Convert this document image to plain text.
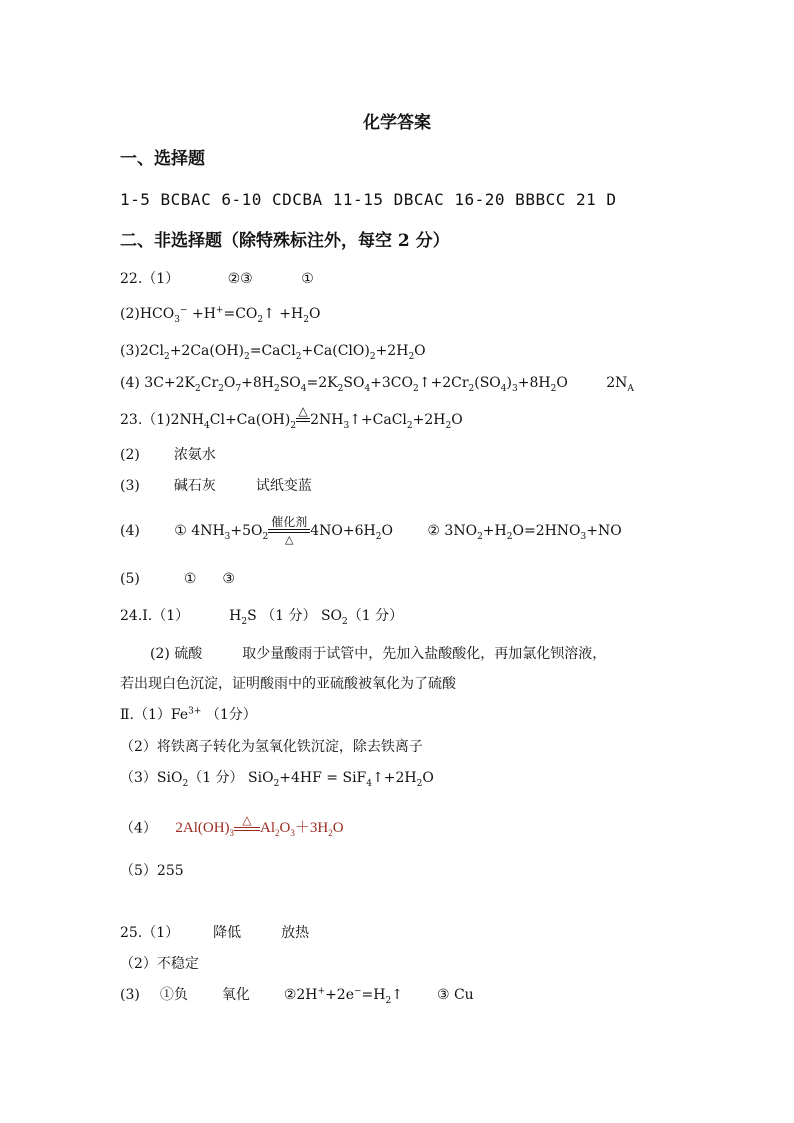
化学答案
一、选择题
1-5 BCBAC 6-10 CDCBA 11-15 DBCAC 16-20 BBBCC 21 D
二、非选择题（除特殊标注外，每空 2 分）
22.（1）	②③	①
$(2)HCO_3^-$ $+H^+=CO_2↑ +H_2O$
$(3)2Cl_2+2Ca(OH)_2=CaCl_2+Ca(ClO)_2+2H_2O$
(4) $3C+2K_2Cr_2O_7+8H_2SO_4=2K_2SO_4+3CO_2↑+2Cr_2(SO_4)_3+8H_2O$ $2N_A$
$23.(1)2NH_4Cl+Ca(OH)_2$
△

$2NH_3↑+CaCl_2+2H_2O$
(2) 浓氨水
(3) 碱石灰	试纸变蓝
(4) ① $4NH_3+5O_2$
催化剂
△
$4NO+6H_2O$ ② $3NO_2+H_2O=2HNO_3+NO$
(5)	① ③
24.Ⅰ.（1）	$H_2S$ （1 分） $SO_2(1$ 分）
(2) 硫酸	取少量酸雨于试管中，先加入盐酸酸化，再加氯化钡溶液，
若出现白色沉淀，证明酸雨中的亚硫酸被氧化为了硫酸
$Ⅱ.(1)Fe^{3+}$ （1分）
（2）将铁离子转化为氢氧化铁沉淀，除去铁离子
（3）SiO$_2$（1 分） $SiO_2+4HF = SiF_4↑+2H_2O$
（4） $2Al(OH)_3$
△

$Al_2O_3+3H_2O$
（5）255
25.（1） 降低	放热
（2）不稳定
(3) ①负 氧化 $②2H^++2e^-=H_2↑$ ③ Cu
